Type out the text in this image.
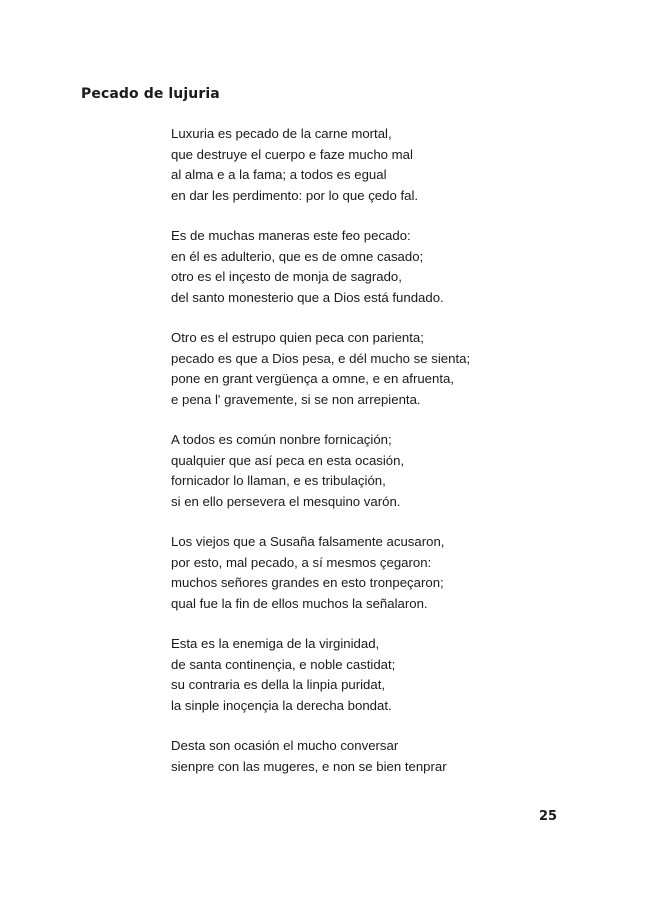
Pecado de lujuria
Luxuria es pecado de la carne mortal,
que destruye el cuerpo e faze mucho mal
al alma e a la fama; a todos es egual
en dar les perdimento: por lo que çedo fal.
Es de muchas maneras este feo pecado:
en él es adulterio, que es de omne casado;
otro es el inçesto de monja de sagrado,
del santo monesterio que a Dios está fundado.
Otro es el estrupo quien peca con parienta;
pecado es que a Dios pesa, e dél mucho se sienta;
pone en grant vergüença a omne, e en afruenta,
e pena l' gravemente, si se non arrepienta.
A todos es común nonbre fornicaçión;
qualquier que así peca en esta ocasión,
fornicador lo llaman, e es tribulaçión,
si en ello persevera el mesquino varón.
Los viejos que a Susaña falsamente acusaron,
por esto, mal pecado, a sí mesmos çegaron:
muchos señores grandes en esto tronpeçaron;
qual fue la fin de ellos muchos la señalaron.
Esta es la enemiga de la virginidad,
de santa continençia, e noble castidat;
su contraria es della la linpia puridat,
la sinple inoçençia la derecha bondat.
Desta son ocasión el mucho conversar
sienpre con las mugeres, e non se bien tenprar
25
